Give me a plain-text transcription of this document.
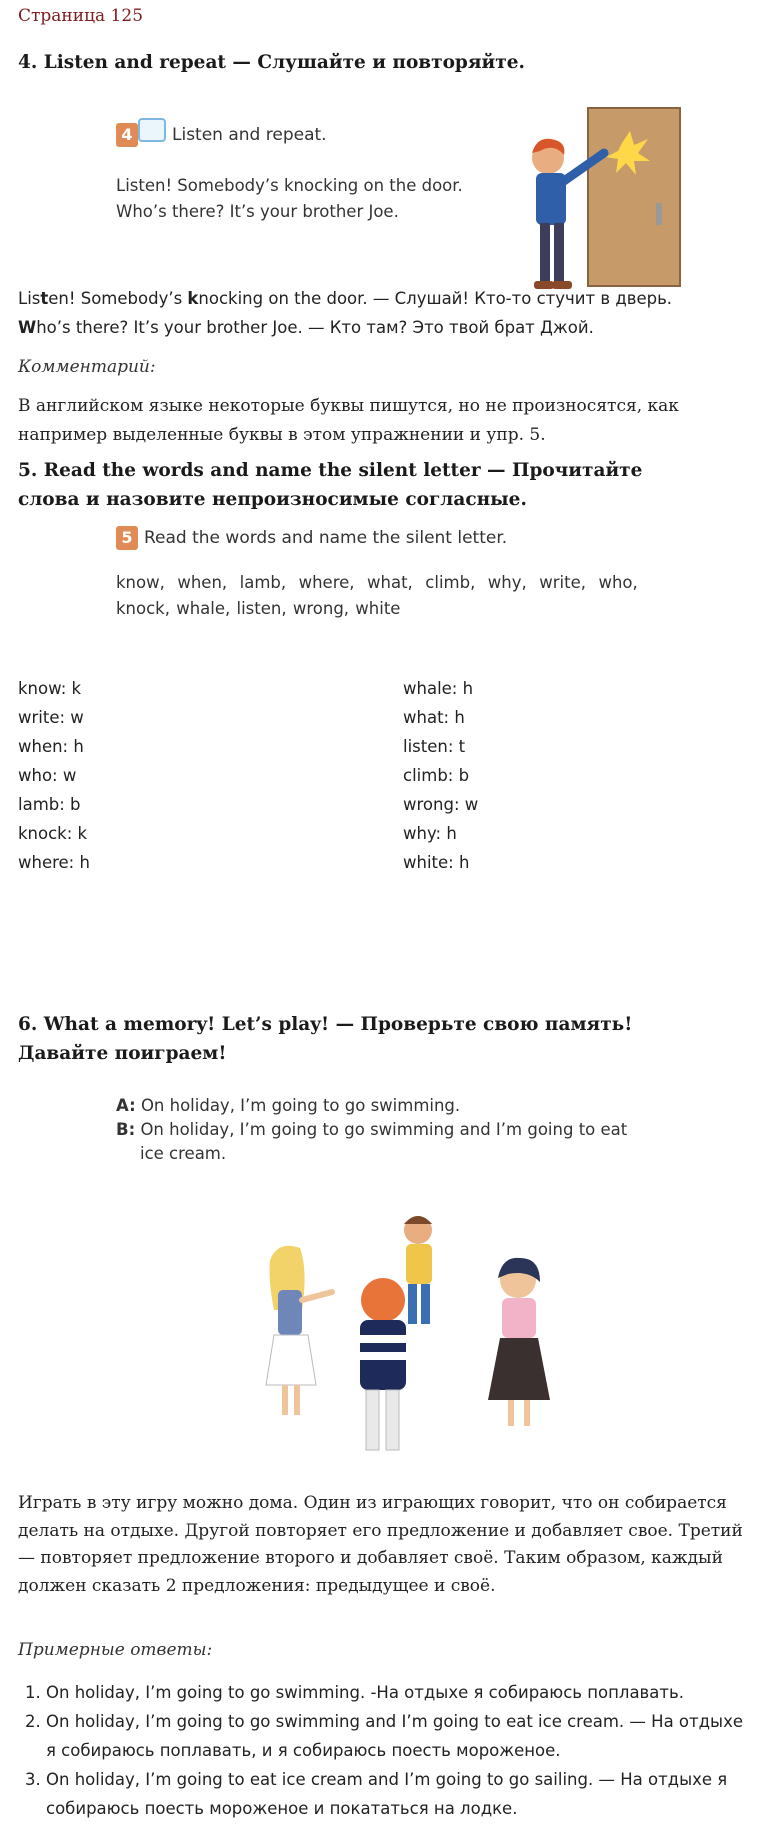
Страница 125
4. Listen and repeat — Слушайте и повторяйте.
4	Listen and repeat.
Listen! Somebody’s knocking on the door.
Who’s there? It’s your brother Joe.
Listen! Somebody’s knocking on the door. — Слушай! Кто-то стучит в дверь.
Who’s there? It’s your brother Joe. — Кто там? Это твой брат Джой.
Комментарий:
В английском языке некоторые буквы пишутся, но не произносятся, как например выделенные буквы в этом упражнении и упр. 5.
5. Read the words and name the silent letter — Прочитайте слова и назовите непроизносимые согласные.
5 Read the words and name the silent letter.
know,  when,  lamb,  where,  what,  climb,  why,  write,  who,
knock, whale, listen, wrong, white
know: k
write: w
when: h
who: w
lamb: b
knock: k
where: h
whale: h
what: h
listen: t
climb: b
wrong: w
why: h
white: h
6. What a memory! Let’s play! — Проверьте свою память! Давайте поиграем!
A: On holiday, I’m going to go swimming.
B: On holiday, I’m going to go swimming and I’m going to eat
ice cream.
Играть в эту игру можно дома. Один из играющих говорит, что он собирается делать на отдыхе. Другой повторяет его предложение и добавляет свое. Третий — повторяет предложение второго и добавляет своё. Таким образом, каждый должен сказать 2 предложения: предыдущее и своё.
Примерные ответы:
1. On holiday, I’m going to go swimming. -На отдыхе я собираюсь поплавать.
2. On holiday, I’m going to go swimming and I’m going to eat ice cream. — На отдыхе я собираюсь поплавать, и я собираюсь поесть мороженое.
3. On holiday, I’m going to eat ice cream and I’m going to go sailing. — На отдыхе я собираюсь поесть мороженое и покататься на лодке.
